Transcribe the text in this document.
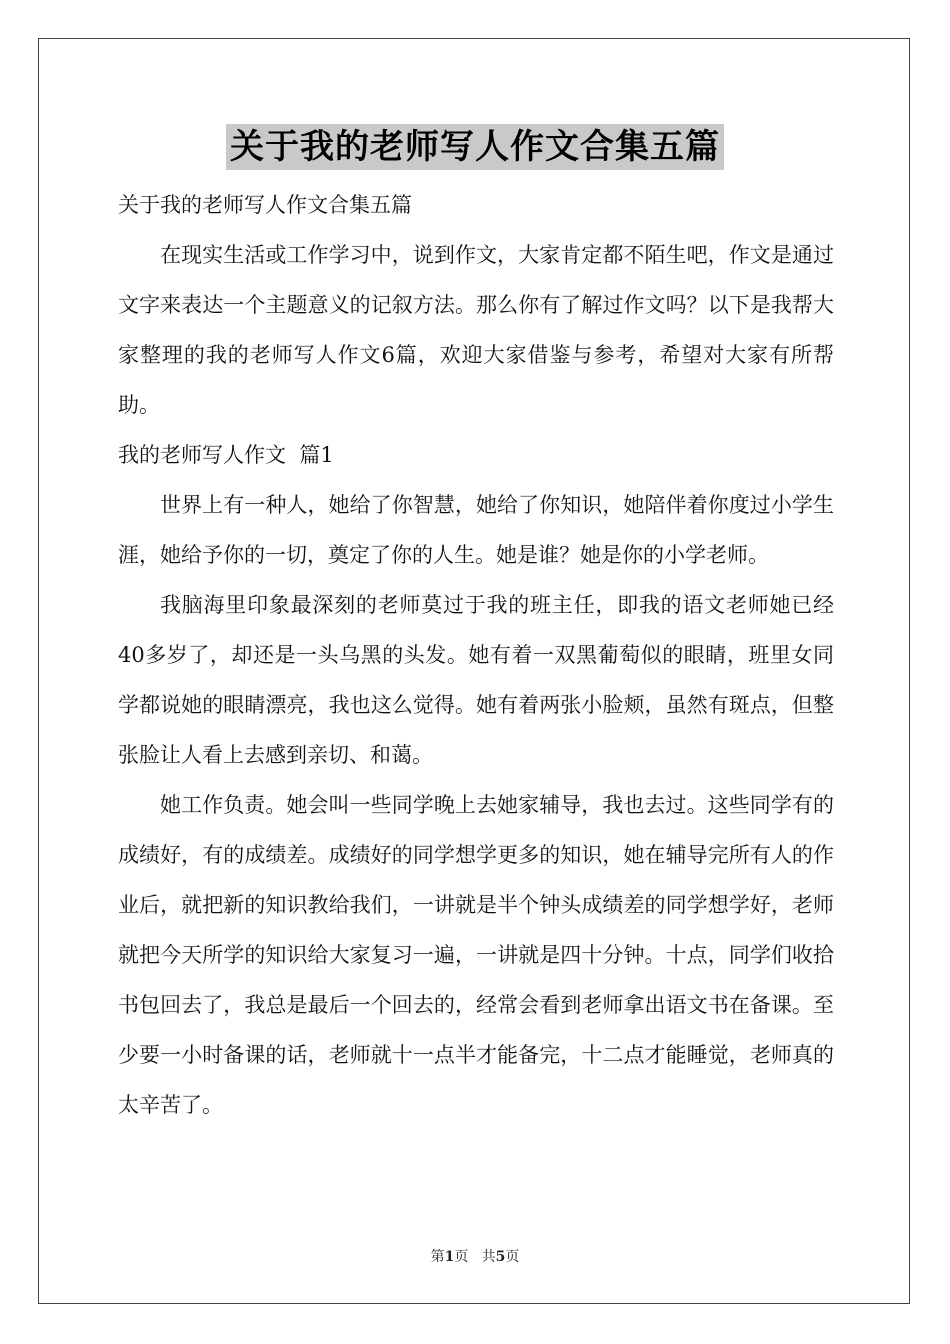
关于我的老师写人作文合集五篇

关于我的老师写人作文合集五篇

在现实生活或工作学习中，说到作文，大家肯定都不陌生吧，作文是通过文字来表达一个主题意义的记叙方法。那么你有了解过作文吗？以下是我帮大家整理的我的老师写人作文6篇，欢迎大家借鉴与参考，希望对大家有所帮助。

我的老师写人作文  篇1

世界上有一种人，她给了你智慧，她给了你知识，她陪伴着你度过小学生涯，她给予你的一切，奠定了你的人生。她是谁？她是你的小学老师。

我脑海里印象最深刻的老师莫过于我的班主任，即我的语文老师她已经40多岁了，却还是一头乌黑的头发。她有着一双黑葡萄似的眼睛，班里女同学都说她的眼睛漂亮，我也这么觉得。她有着两张小脸颊，虽然有斑点，但整张脸让人看上去感到亲切、和蔼。

她工作负责。她会叫一些同学晚上去她家辅导，我也去过。这些同学有的成绩好，有的成绩差。成绩好的同学想学更多的知识，她在辅导完所有人的作业后，就把新的知识教给我们，一讲就是半个钟头成绩差的同学想学好，老师就把今天所学的知识给大家复习一遍，一讲就是四十分钟。十点，同学们收拾书包回去了，我总是最后一个回去的，经常会看到老师拿出语文书在备课。至少要一小时备课的话，老师就十一点半才能备完，十二点才能睡觉，老师真的太辛苦了。

第1页 共5页
